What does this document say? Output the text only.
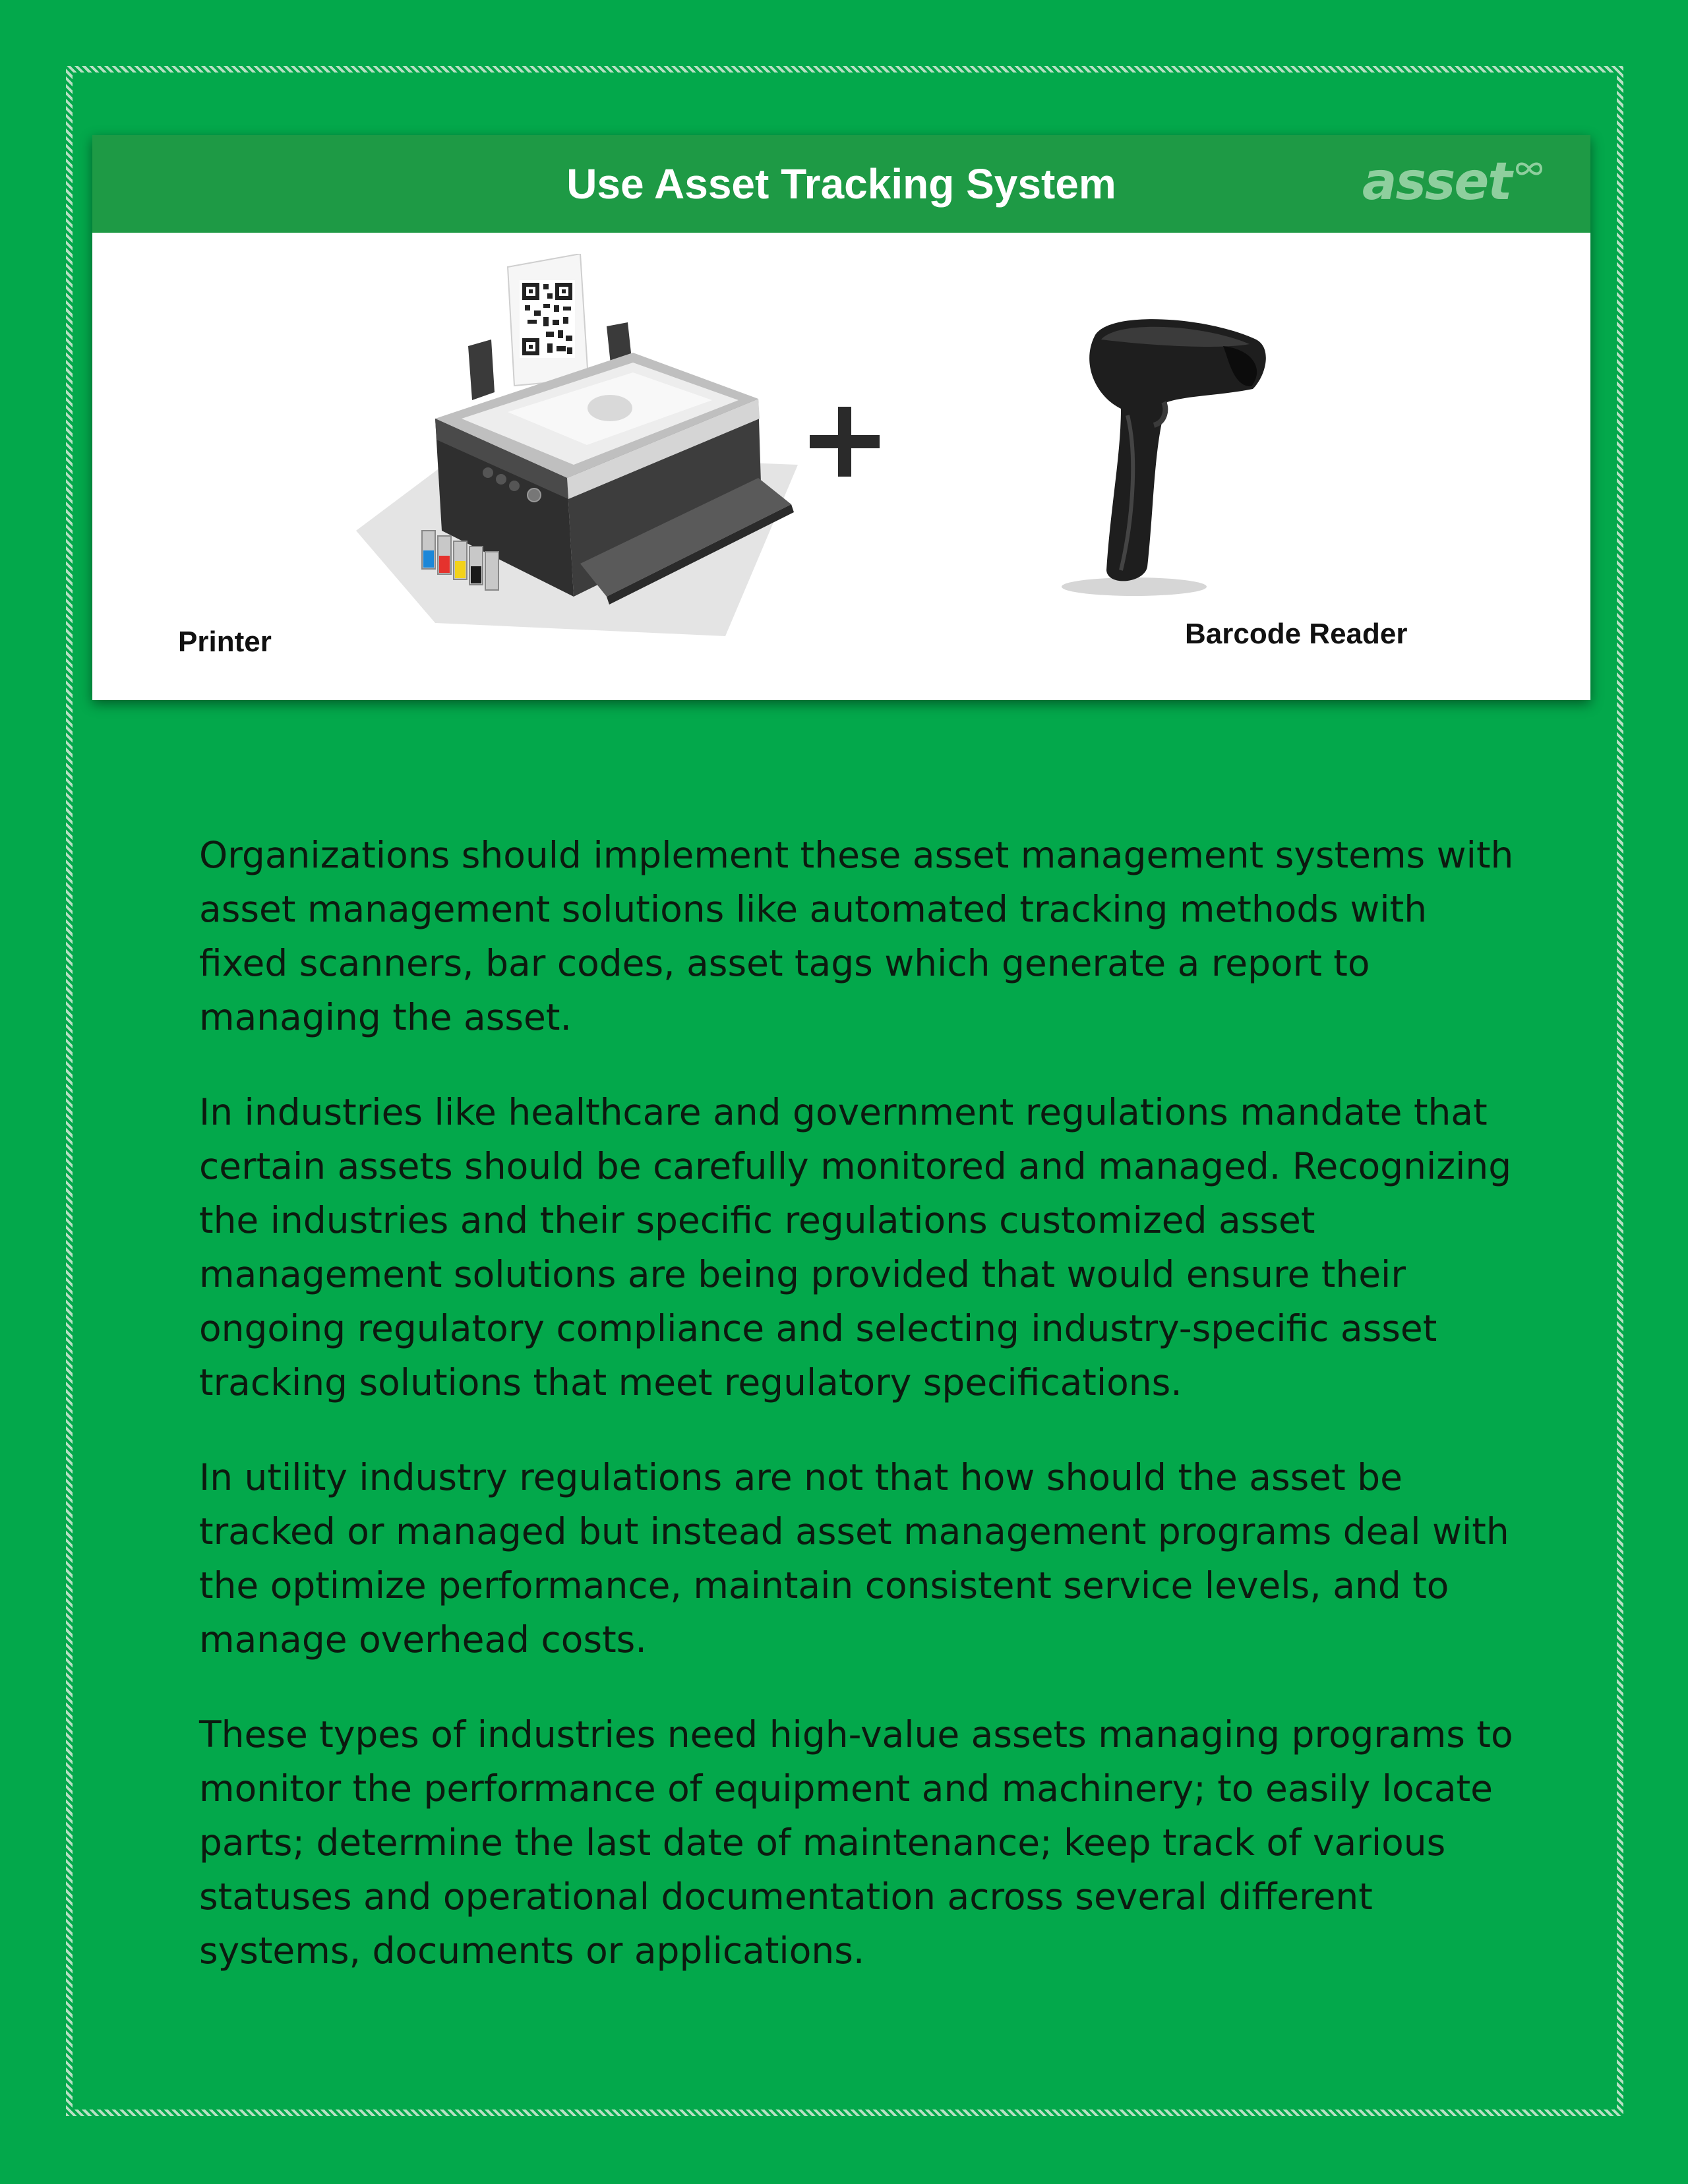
Use Asset Tracking System	asset
Printer	Barcode Reader

Organizations should implement these asset management systems with asset management solutions like automated tracking methods with fixed scanners, bar codes, asset tags which generate a report to managing the asset.

In industries like healthcare and government regulations mandate that certain assets should be carefully monitored and managed. Recognizing the industries and their specific regulations customized asset management solutions are being provided that would ensure their ongoing regulatory compliance and selecting industry-specific asset tracking solutions that meet regulatory specifications.

In utility industry regulations are not that how should the asset be tracked or managed but instead asset management programs deal with the optimize performance, maintain consistent service levels, and to manage overhead costs.

These types of industries need high-value assets managing programs to monitor the performance of equipment and machinery; to easily locate parts; determine the last date of maintenance; keep track of various statuses and operational documentation across several different systems, documents or applications.
